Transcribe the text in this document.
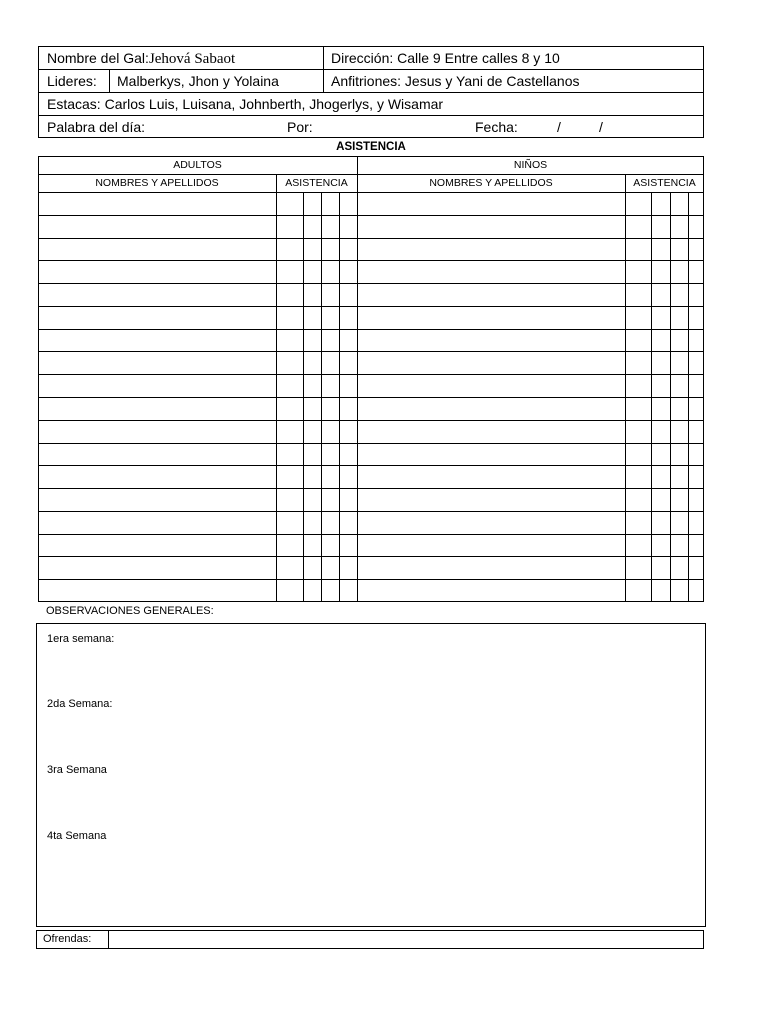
Nombre del Gal:Jehová Sabaot	Dirección: Calle 9 Entre calles 8 y 10
Lideres:	Malberkys, Jhon y Yolaina	Anfitriones: Jesus y Yani de Castellanos
Estacas: Carlos Luis, Luisana, Johnberth, Jhogerlys, y Wisamar
Palabra del día:	Por:	Fecha:	/	/
ASISTENCIA
ADULTOS	NIÑOS
NOMBRES Y APELLIDOS	ASISTENCIA	NOMBRES Y APELLIDOS	ASISTENCIA
OBSERVACIONES GENERALES:
1era semana:
2da Semana:
3ra Semana
4ta Semana
Ofrendas:
